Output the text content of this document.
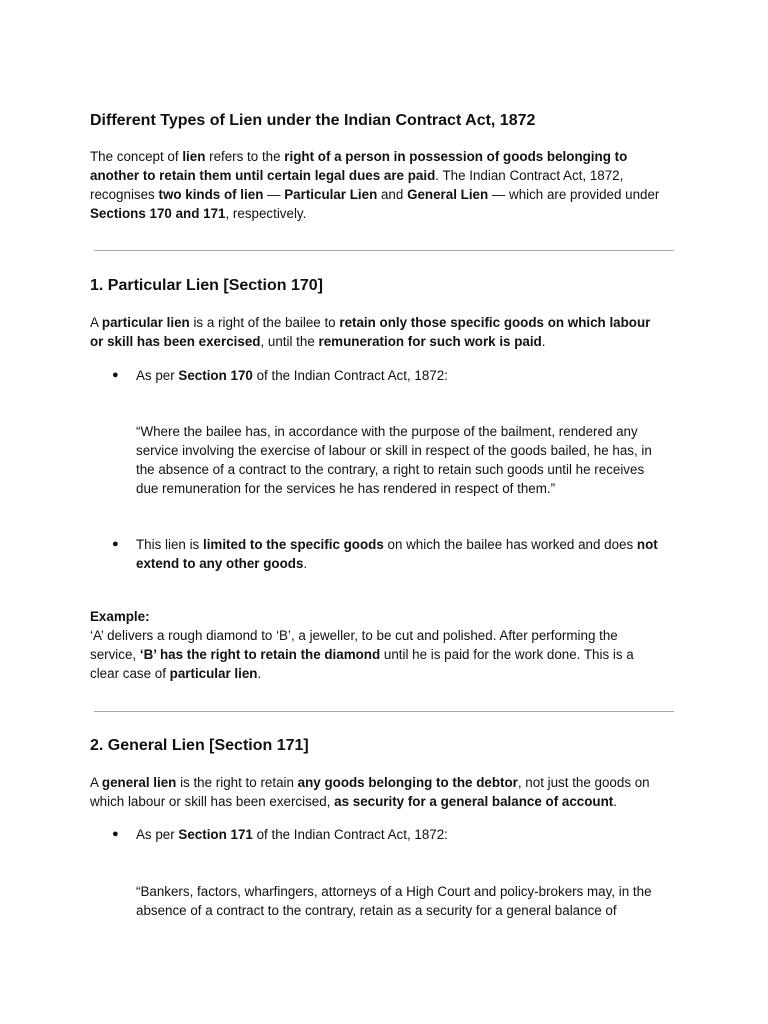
Different Types of Lien under the Indian Contract Act, 1872

The concept of lien refers to the right of a person in possession of goods belonging to
another to retain them until certain legal dues are paid. The Indian Contract Act, 1872,
recognises two kinds of lien — Particular Lien and General Lien — which are provided under
Sections 170 and 171, respectively.

1. Particular Lien [Section 170]

A particular lien is a right of the bailee to retain only those specific goods on which labour
or skill has been exercised, until the remuneration for such work is paid.

● As per Section 170 of the Indian Contract Act, 1872:

“Where the bailee has, in accordance with the purpose of the bailment, rendered any
service involving the exercise of labour or skill in respect of the goods bailed, he has, in
the absence of a contract to the contrary, a right to retain such goods until he receives
due remuneration for the services he has rendered in respect of them.”

● This lien is limited to the specific goods on which the bailee has worked and does not
extend to any other goods.

Example:
‘A’ delivers a rough diamond to ‘B’, a jeweller, to be cut and polished. After performing the
service, ‘B’ has the right to retain the diamond until he is paid for the work done. This is a
clear case of particular lien.

2. General Lien [Section 171]

A general lien is the right to retain any goods belonging to the debtor, not just the goods on
which labour or skill has been exercised, as security for a general balance of account.

● As per Section 171 of the Indian Contract Act, 1872:

“Bankers, factors, wharfingers, attorneys of a High Court and policy-brokers may, in the
absence of a contract to the contrary, retain as a security for a general balance of
